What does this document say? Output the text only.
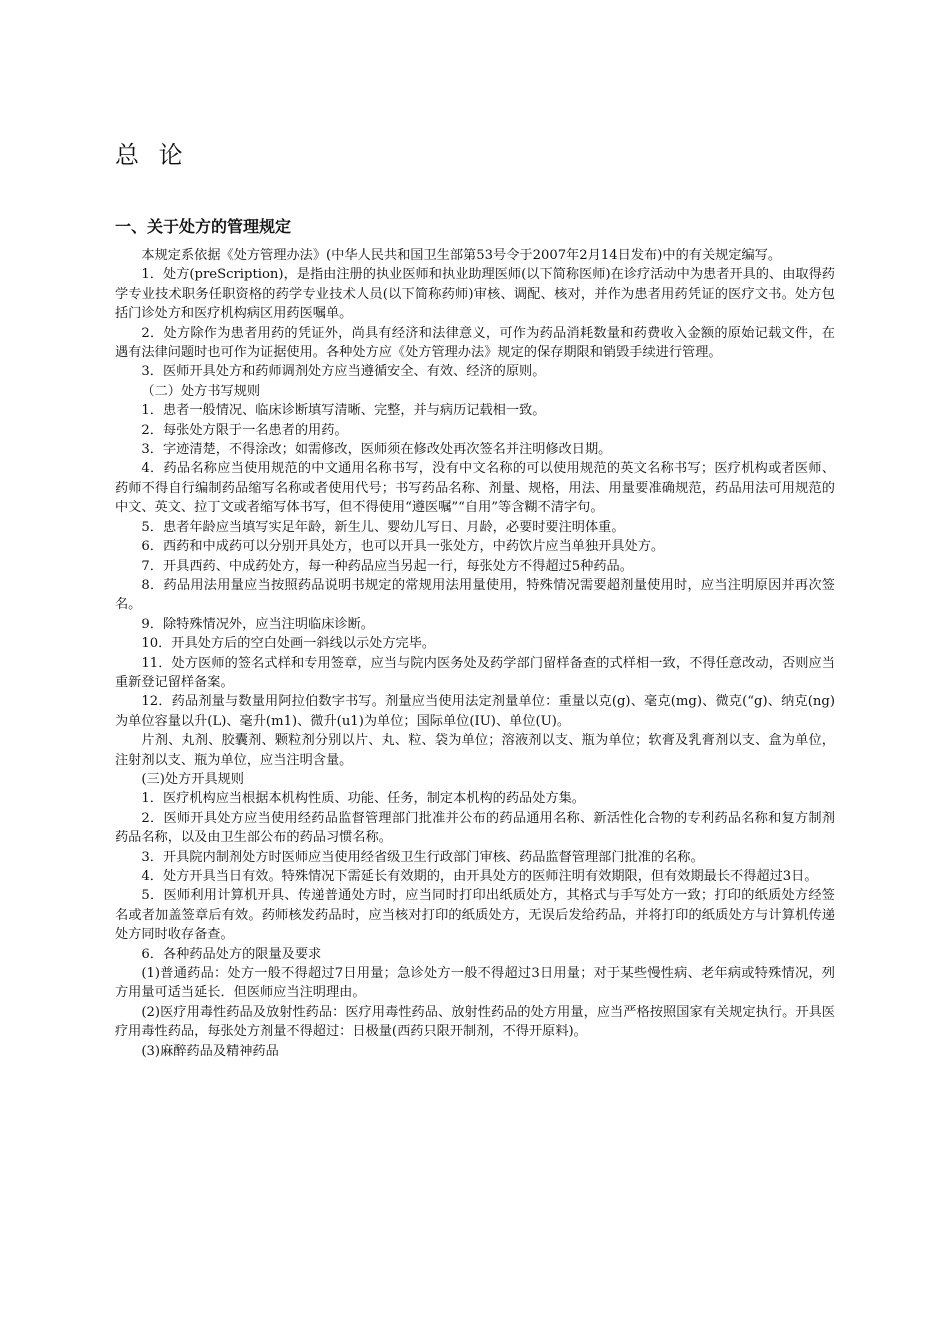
总 论
一、关于处方的管理规定

本规定系依据《处方管理办法》(中华人民共和国卫生部第53号令于2007年2月14日发布)中的有关规定编写。

1．处方(preScription)，是指由注册的执业医师和执业助理医师(以下简称医师)在诊疗活动中为患者开具的、由取得药学专业技术职务任职资格的药学专业技术人员(以下简称药师)审核、调配、核对，并作为患者用药凭证的医疗文书。处方包括门诊处方和医疗机构病区用药医嘱单。

2．处方除作为患者用药的凭证外，尚具有经济和法律意义，可作为药品消耗数量和药费收入金额的原始记载文件，在遇有法律问题时也可作为证据使用。各种处方应《处方管理办法》规定的保存期限和销毁手续进行管理。

3．医师开具处方和药师调剂处方应当遵循安全、有效、经济的原则。

（二）处方书写规则

1．患者一般情况、临床诊断填写清晰、完整，并与病历记载相一致。

2．每张处方限于一名患者的用药。

3．字迹清楚，不得涂改；如需修改，医师须在修改处再次签名并注明修改日期。

4．药品名称应当使用规范的中文通用名称书写，没有中文名称的可以使用规范的英文名称书写；医疗机构或者医师、药师不得自行编制药品缩写名称或者使用代号；书写药品名称、剂量、规格，用法、用量要准确规范，药品用法可用规范的中文、英文、拉丁文或者缩写体书写，但不得使用“遵医嘱”“自用”等含糊不清字句。

5．患者年龄应当填写实足年龄，新生儿、婴幼儿写日、月龄，必要时要注明体重。

6．西药和中成药可以分别开具处方，也可以开具一张处方，中药饮片应当单独开具处方。

7．开具西药、中成药处方，每一种药品应当另起一行，每张处方不得超过5种药品。

8．药品用法用量应当按照药品说明书规定的常规用法用量使用，特殊情况需要超剂量使用时，应当注明原因并再次签名。

9．除特殊情况外，应当注明临床诊断。

10．开具处方后的空白处画一斜线以示处方完毕。

11．处方医师的签名式样和专用签章，应当与院内医务处及药学部门留样备查的式样相一致，不得任意改动，否则应当重新登记留样备案。

12．药品剂量与数量用阿拉伯数字书写。剂量应当使用法定剂量单位：重量以克(g)、毫克(mg)、微克(“g)、纳克(ng)为单位容量以升(L)、毫升(m1)、微升(u1)为单位；国际单位(IU)、单位(U)。

片剂、丸剂、胶囊剂、颗粒剂分别以片、丸、粒、袋为单位；溶液剂以支、瓶为单位；软膏及乳膏剂以支、盒为单位，注射剂以支、瓶为单位，应当注明含量。

(三)处方开具规则

1．医疗机构应当根据本机构性质、功能、任务，制定本机构的药品处方集。

2．医师开具处方应当使用经药品监督管理部门批准并公布的药品通用名称、新活性化合物的专利药品名称和复方制剂药品名称，以及由卫生部公布的药品习惯名称。

3．开具院内制剂处方时医师应当使用经省级卫生行政部门审核、药品监督管理部门批准的名称。

4．处方开具当日有效。特殊情况下需延长有效期的，由开具处方的医师注明有效期限，但有效期最长不得超过3日。

5．医师利用计算机开具、传递普通处方时，应当同时打印出纸质处方，其格式与手写处方一致；打印的纸质处方经签名或者加盖签章后有效。药师核发药品时，应当核对打印的纸质处方，无误后发给药品，并将打印的纸质处方与计算机传递处方同时收存备查。

6．各种药品处方的限量及要求

(1)普通药品：处方一般不得超过7日用量；急诊处方一般不得超过3日用量；对于某些慢性病、老年病或特殊情况，列方用量可适当延长．但医师应当注明理由。

(2)医疗用毒性药品及放射性药品：医疗用毒性药品、放射性药品的处方用量，应当严格按照国家有关规定执行。开具医疗用毒性药品，每张处方剂量不得超过：日极量(西药只限开制剂，不得开原料)。

(3)麻醉药品及精神药品
